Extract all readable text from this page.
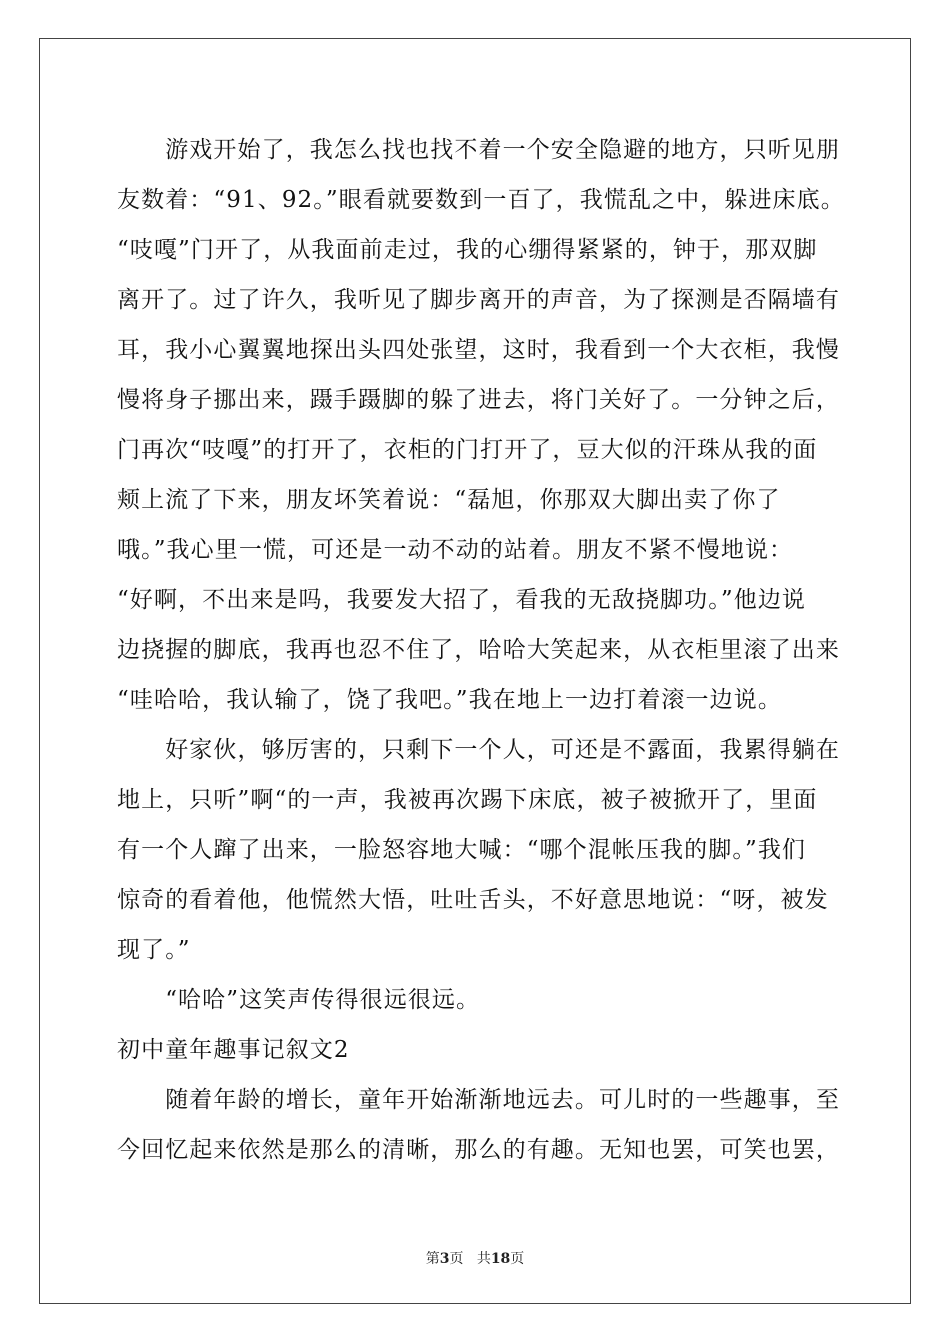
　　游戏开始了，我怎么找也找不着一个安全隐避的地方，只听见朋
友数着：“91、92。”眼看就要数到一百了，我慌乱之中，躲进床底。
“吱嘎”门开了，从我面前走过，我的心绷得紧紧的，钟于，那双脚
离开了。过了许久，我听见了脚步离开的声音，为了探测是否隔墙有
耳，我小心翼翼地探出头四处张望，这时，我看到一个大衣柜，我慢
慢将身子挪出来，蹑手蹑脚的躲了进去，将门关好了。一分钟之后，
门再次“吱嘎”的打开了，衣柜的门打开了，豆大似的汗珠从我的面
颊上流了下来，朋友坏笑着说：“磊旭，你那双大脚出卖了你了
哦。”我心里一慌，可还是一动不动的站着。朋友不紧不慢地说：
“好啊，不出来是吗，我要发大招了，看我的无敌挠脚功。”他边说
边挠握的脚底，我再也忍不住了，哈哈大笑起来，从衣柜里滚了出来
“哇哈哈，我认输了，饶了我吧。”我在地上一边打着滚一边说。
　　好家伙，够厉害的，只剩下一个人，可还是不露面，我累得躺在
地上，只听”啊“的一声，我被再次踢下床底，被子被掀开了，里面
有一个人蹿了出来，一脸怒容地大喊：“哪个混帐压我的脚。”我们
惊奇的看着他，他慌然大悟，吐吐舌头，不好意思地说：“呀，被发
现了。”
　　“哈哈”这笑声传得很远很远。
初中童年趣事记叙文2
　　随着年龄的增长，童年开始渐渐地远去。可儿时的一些趣事，至
今回忆起来依然是那么的清晰，那么的有趣。无知也罢，可笑也罢，
第3页 共18页
